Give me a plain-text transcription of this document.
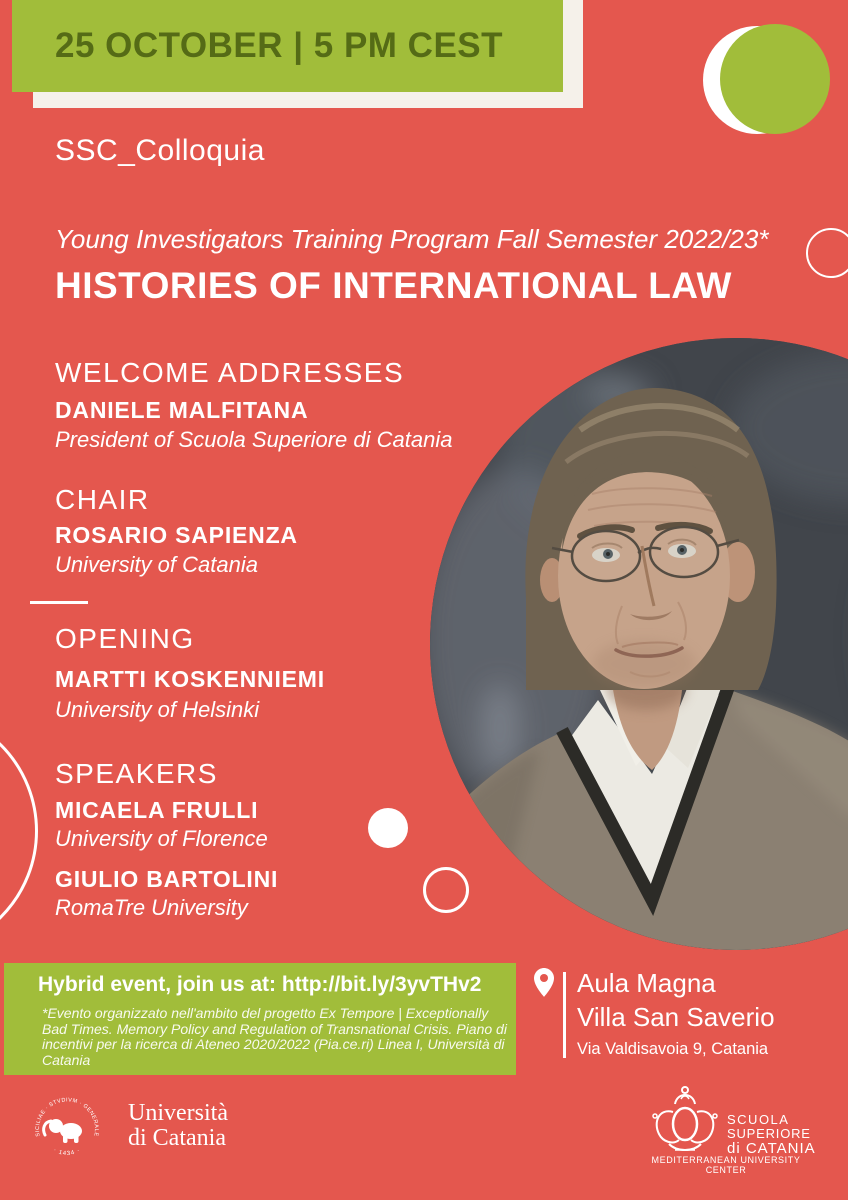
25 OCTOBER | 5 PM CEST
SSC_Colloquia
Young Investigators Training Program Fall Semester 2022/23*
HISTORIES OF INTERNATIONAL LAW
WELCOME ADDRESSES
DANIELE MALFITANA
President of Scuola Superiore di Catania
CHAIR
ROSARIO SAPIENZA
University of Catania
OPENING
MARTTI KOSKENNIEMI
University of Helsinki
SPEAKERS
MICAELA FRULLI
University of Florence
GIULIO BARTOLINI
RomaTre University
Hybrid event, join us at: http://bit.ly/3yvTHv2
*Evento organizzato nell'ambito del progetto Ex Tempore | Exceptionally
Bad Times. Memory Policy and Regulation of Transnational Crisis. Piano di
incentivi per la ricerca di Ateneo 2020/2022 (Pia.ce.ri) Linea I, Università di
Catania
Aula Magna
Villa San Saverio
Via Valdisavoia 9, Catania
SICILIAE · STVDIVM · GENERALE
· 1434 ·
Università
di Catania
SCUOLA
SUPERIORE
di CATANIA
MEDITERRANEAN UNIVERSITY CENTER
